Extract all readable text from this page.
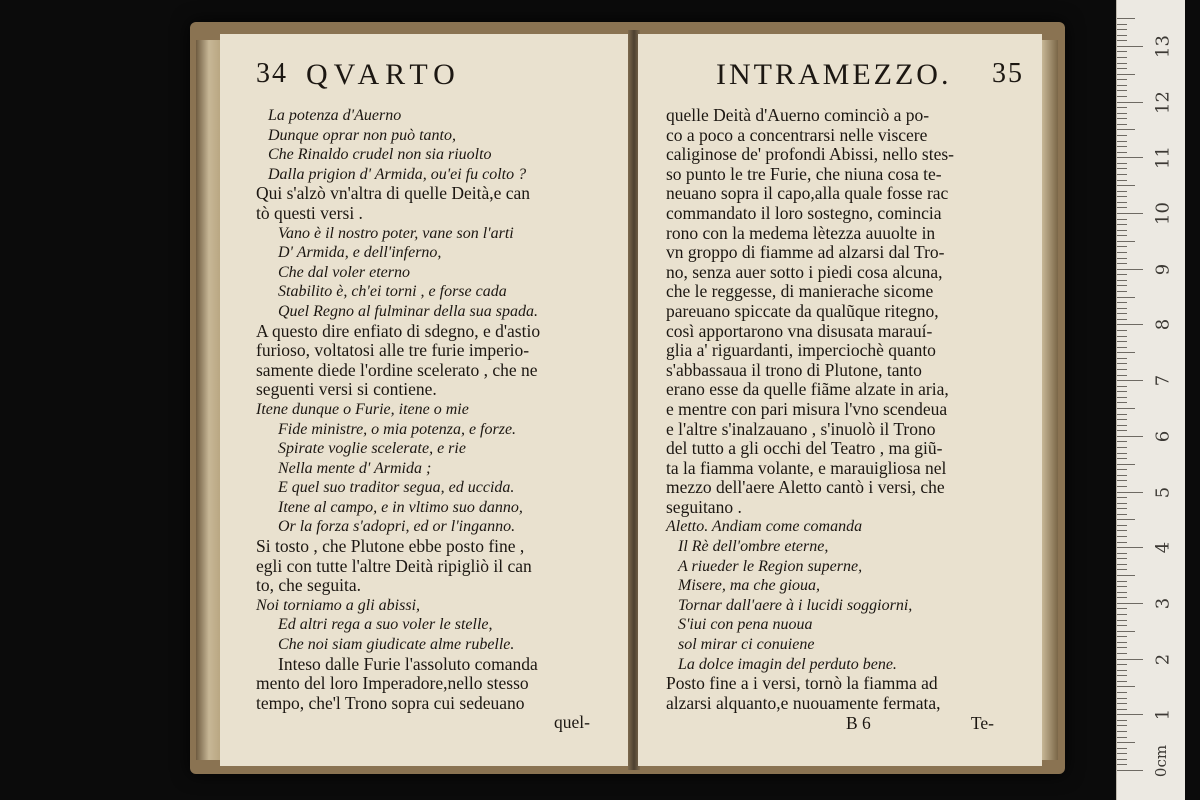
34 QVARTO
La potenza d'Auerno
Dunque oprar non può tanto,
Che Rinaldo crudel non sia riuolto
Dalla prigion d' Armida, ou'ei fu colto ?
Qui s'alzò vn'altra di quelle Deità,e can
tò questi versi .
Vano è il nostro poter, vane son l'arti
D' Armida, e dell'inferno,
Che dal voler eterno
Stabilito è, ch'ei torni , e forse cada
Quel Regno al fulminar della sua spada.
A questo dire enfiato di sdegno, e d'astio
furioso, voltatosi alle tre furie imperio-
samente diede l'ordine scelerato , che ne
seguenti versi si contiene.
Itene dunque o Furie, itene o mie
Fide ministre, o mia potenza, e forze.
Spirate voglie scelerate, e rie
Nella mente d' Armida ;
E quel suo traditor segua, ed uccida.
Itene al campo, e in vltimo suo danno,
Or la forza s'adopri, ed or l'inganno.
Si tosto , che Plutone ebbe posto fine ,
egli con tutte l'altre Deità ripigliò il can
to, che seguita.
Noi torniamo a gli abissi,
Ed altri rega a suo voler le stelle,
Che noi siam giudicate alme rubelle.
Inteso dalle Furie l'assoluto comanda
mento del loro Imperadore,nello stesso
tempo, che'l Trono sopra cui sedeuano
quel-
INTRAMEZZO. 35
quelle Deità d'Auerno cominciò a po-
co a poco a concentrarsi nelle viscere
caliginose de' profondi Abissi, nello stes-
so punto le tre Furie, che niuna cosa te-
neuano sopra il capo,alla quale fosse rac
commandato il loro sostegno, comincia
rono con la medema lètezza auuolte in
vn groppo di fiamme ad alzarsi dal Tro-
no, senza auer sotto i piedi cosa alcuna,
che le reggesse, di manierache sicome
pareuano spiccate da qualũque ritegno,
così apportarono vna disusata marauí-
glia a' riguardanti, imperciochè quanto
s'abbassaua il trono di Plutone, tanto
erano esse da quelle fiãme alzate in aria,
e mentre con pari misura l'vno scendeua
e l'altre s'inalzauano , s'inuolò il Trono
del tutto a gli occhi del Teatro , ma giũ-
ta la fiamma volante, e marauigliosa nel
mezzo dell'aere Aletto cantò i versi, che
seguitano .
Aletto. Andiam come comanda
Il Rè dell'ombre eterne,
A riueder le Region superne,
Misere, ma che gioua,
Tornar dall'aere à i lucidi soggiorni,
S'iui con pena nuoua
sol mirar ci conuiene
La dolce imagin del perduto bene.
Posto fine a i versi, tornò la fiamma ad
alzarsi alquanto,e nuouamente fermata,
B 6	Te-
0cm
1
2
3
4
5
6
7
8
9
10
11
12
13
